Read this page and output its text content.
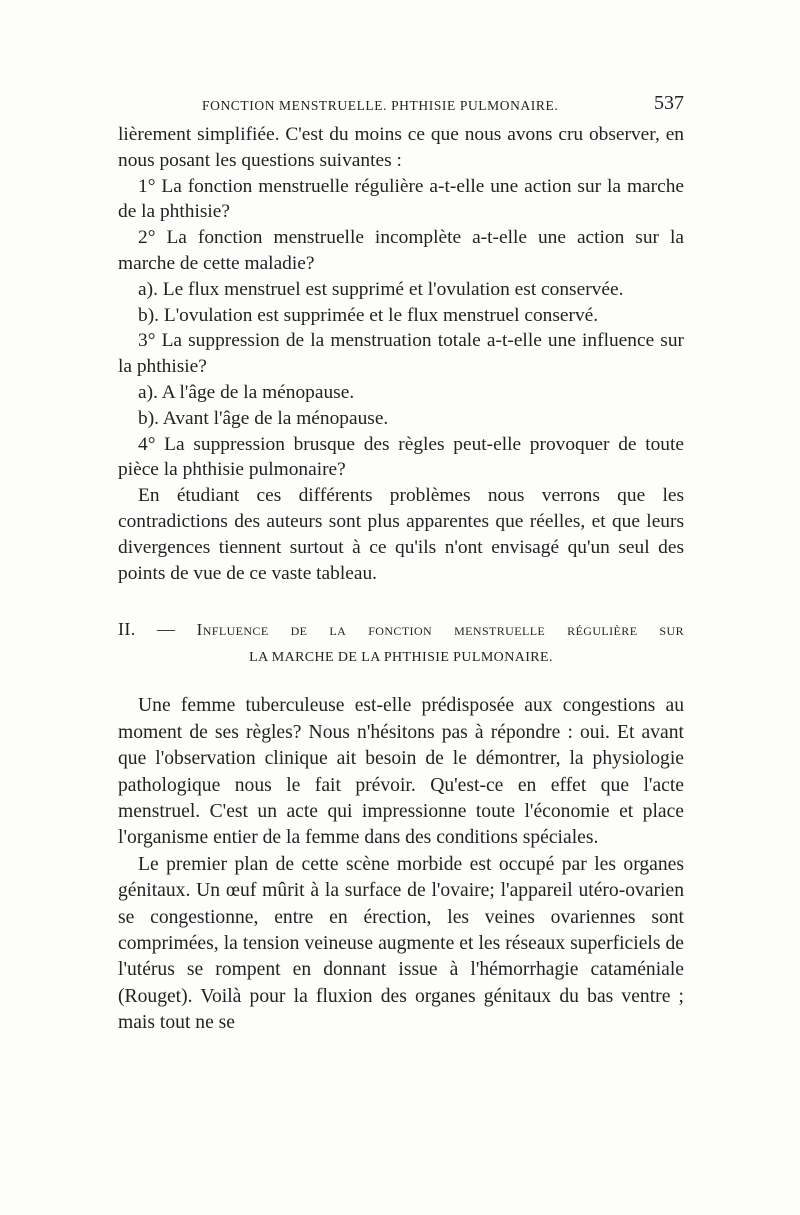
FONCTION MENSTRUELLE. PHTHISIE PULMONAIRE.	537

lièrement simplifiée. C'est du moins ce que nous avons cru observer, en nous posant les questions suivantes :

1° La fonction menstruelle régulière a-t-elle une action sur la marche de la phthisie?

2° La fonction menstruelle incomplète a-t-elle une action sur la marche de cette maladie?

a). Le flux menstruel est supprimé et l'ovulation est conservée.

b). L'ovulation est supprimée et le flux menstruel conservé.

3° La suppression de la menstruation totale a-t-elle une influence sur la phthisie?

a). A l'âge de la ménopause.

b). Avant l'âge de la ménopause.

4° La suppression brusque des règles peut-elle provoquer de toute pièce la phthisie pulmonaire?

En étudiant ces différents problèmes nous verrons que les contradictions des auteurs sont plus apparentes que réelles, et que leurs divergences tiennent surtout à ce qu'ils n'ont envisagé qu'un seul des points de vue de ce vaste tableau.

II. — Influence de la fonction menstruelle régulière sur
LA MARCHE DE LA PHTHISIE PULMONAIRE.

Une femme tuberculeuse est-elle prédisposée aux congestions au moment de ses règles? Nous n'hésitons pas à répondre : oui. Et avant que l'observation clinique ait besoin de le démontrer, la physiologie pathologique nous le fait prévoir. Qu'est-ce en effet que l'acte menstruel. C'est un acte qui impressionne toute l'économie et place l'organisme entier de la femme dans des conditions spéciales.

Le premier plan de cette scène morbide est occupé par les organes génitaux. Un œuf mûrit à la surface de l'ovaire; l'appareil utéro-ovarien se congestionne, entre en érection, les veines ovariennes sont comprimées, la tension veineuse augmente et les réseaux superficiels de l'utérus se rompent en donnant issue à l'hémorrhagie cataméniale (Rouget). Voilà pour la fluxion des organes génitaux du bas ventre ; mais tout ne se
